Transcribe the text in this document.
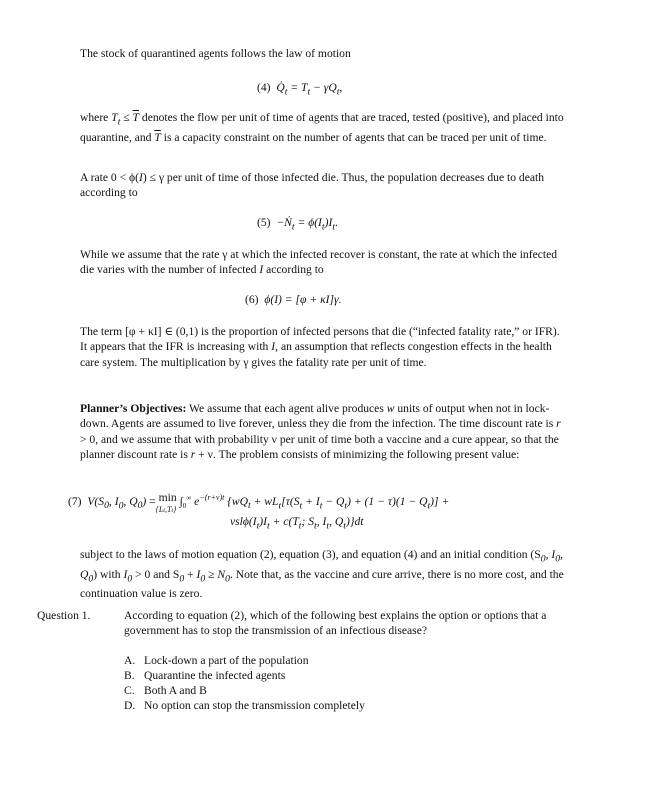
The stock of quarantined agents follows the law of motion
(4) $Q̇_t = T_t - \gamma Q_t$,
where $T_t \le \overline{T}$ denotes the flow per unit of time of agents that are traced, tested (positive), and placed into quarantine, and $\overline{T}$ is a capacity constraint on the number of agents that can be traced per unit of time.
A rate 0 < ϕ(I) ≤ γ per unit of time of those infected die. Thus, the population decreases due to death according to
(5) −Ṅ$_t$ = $\phi(I_t)I_t$.
While we assume that the rate γ at which the infected recover is constant, the rate at which the infected die varies with the number of infected I according to
(6) ϕ(I) = [φ + κI]γ.
The term [φ + κI] ∈ (0,1) is the proportion of infected persons that die (“infected fatality rate,” or IFR). It appears that the IFR is increasing with I, an assumption that reflects congestion effects in the health care system. The multiplication by γ gives the fatality rate per unit of time.
Planner’s Objectives: We assume that each agent alive produces w units of output when not in lock-down. Agents are assumed to live forever, unless they die from the infection. The time discount rate is r > 0, and we assume that with probability ν per unit of time both a vaccine and a cure appear, so that the planner discount rate is r + ν. The problem consists of minimizing the following present value:
(7) $V(S_0$, $I_0$, $Q_0) = \min$
{Lt,Tt}
$\int_0^\infty$ $e^{-(r+\nu)t}$ {$wQ_t + wL_t[\tau(S_t + I_t - Q_t) + (1 - \tau)(1 - Q_t)]$ +
$vsl\phi(I_t)I_t + c(T_t$; $S_t$, $I_t$, $Q_t)\}dt$
subject to the laws of motion equation (2), equation (3), and equation (4) and an initial condition ($S_0$, $I_0$, $Q_0$) with $I_0 > 0$ and $S_0 + I_0 \ge N_0$. Note that, as the vaccine and cure arrive, there is no more cost, and the continuation value is zero.
Question 1.	According to equation (2), which of the following best explains the option or options that a government has to stop the transmission of an infectious disease?
A. Lock-down a part of the population
B. Quarantine the infected agents
C. Both A and B
D. No option can stop the transmission completely
